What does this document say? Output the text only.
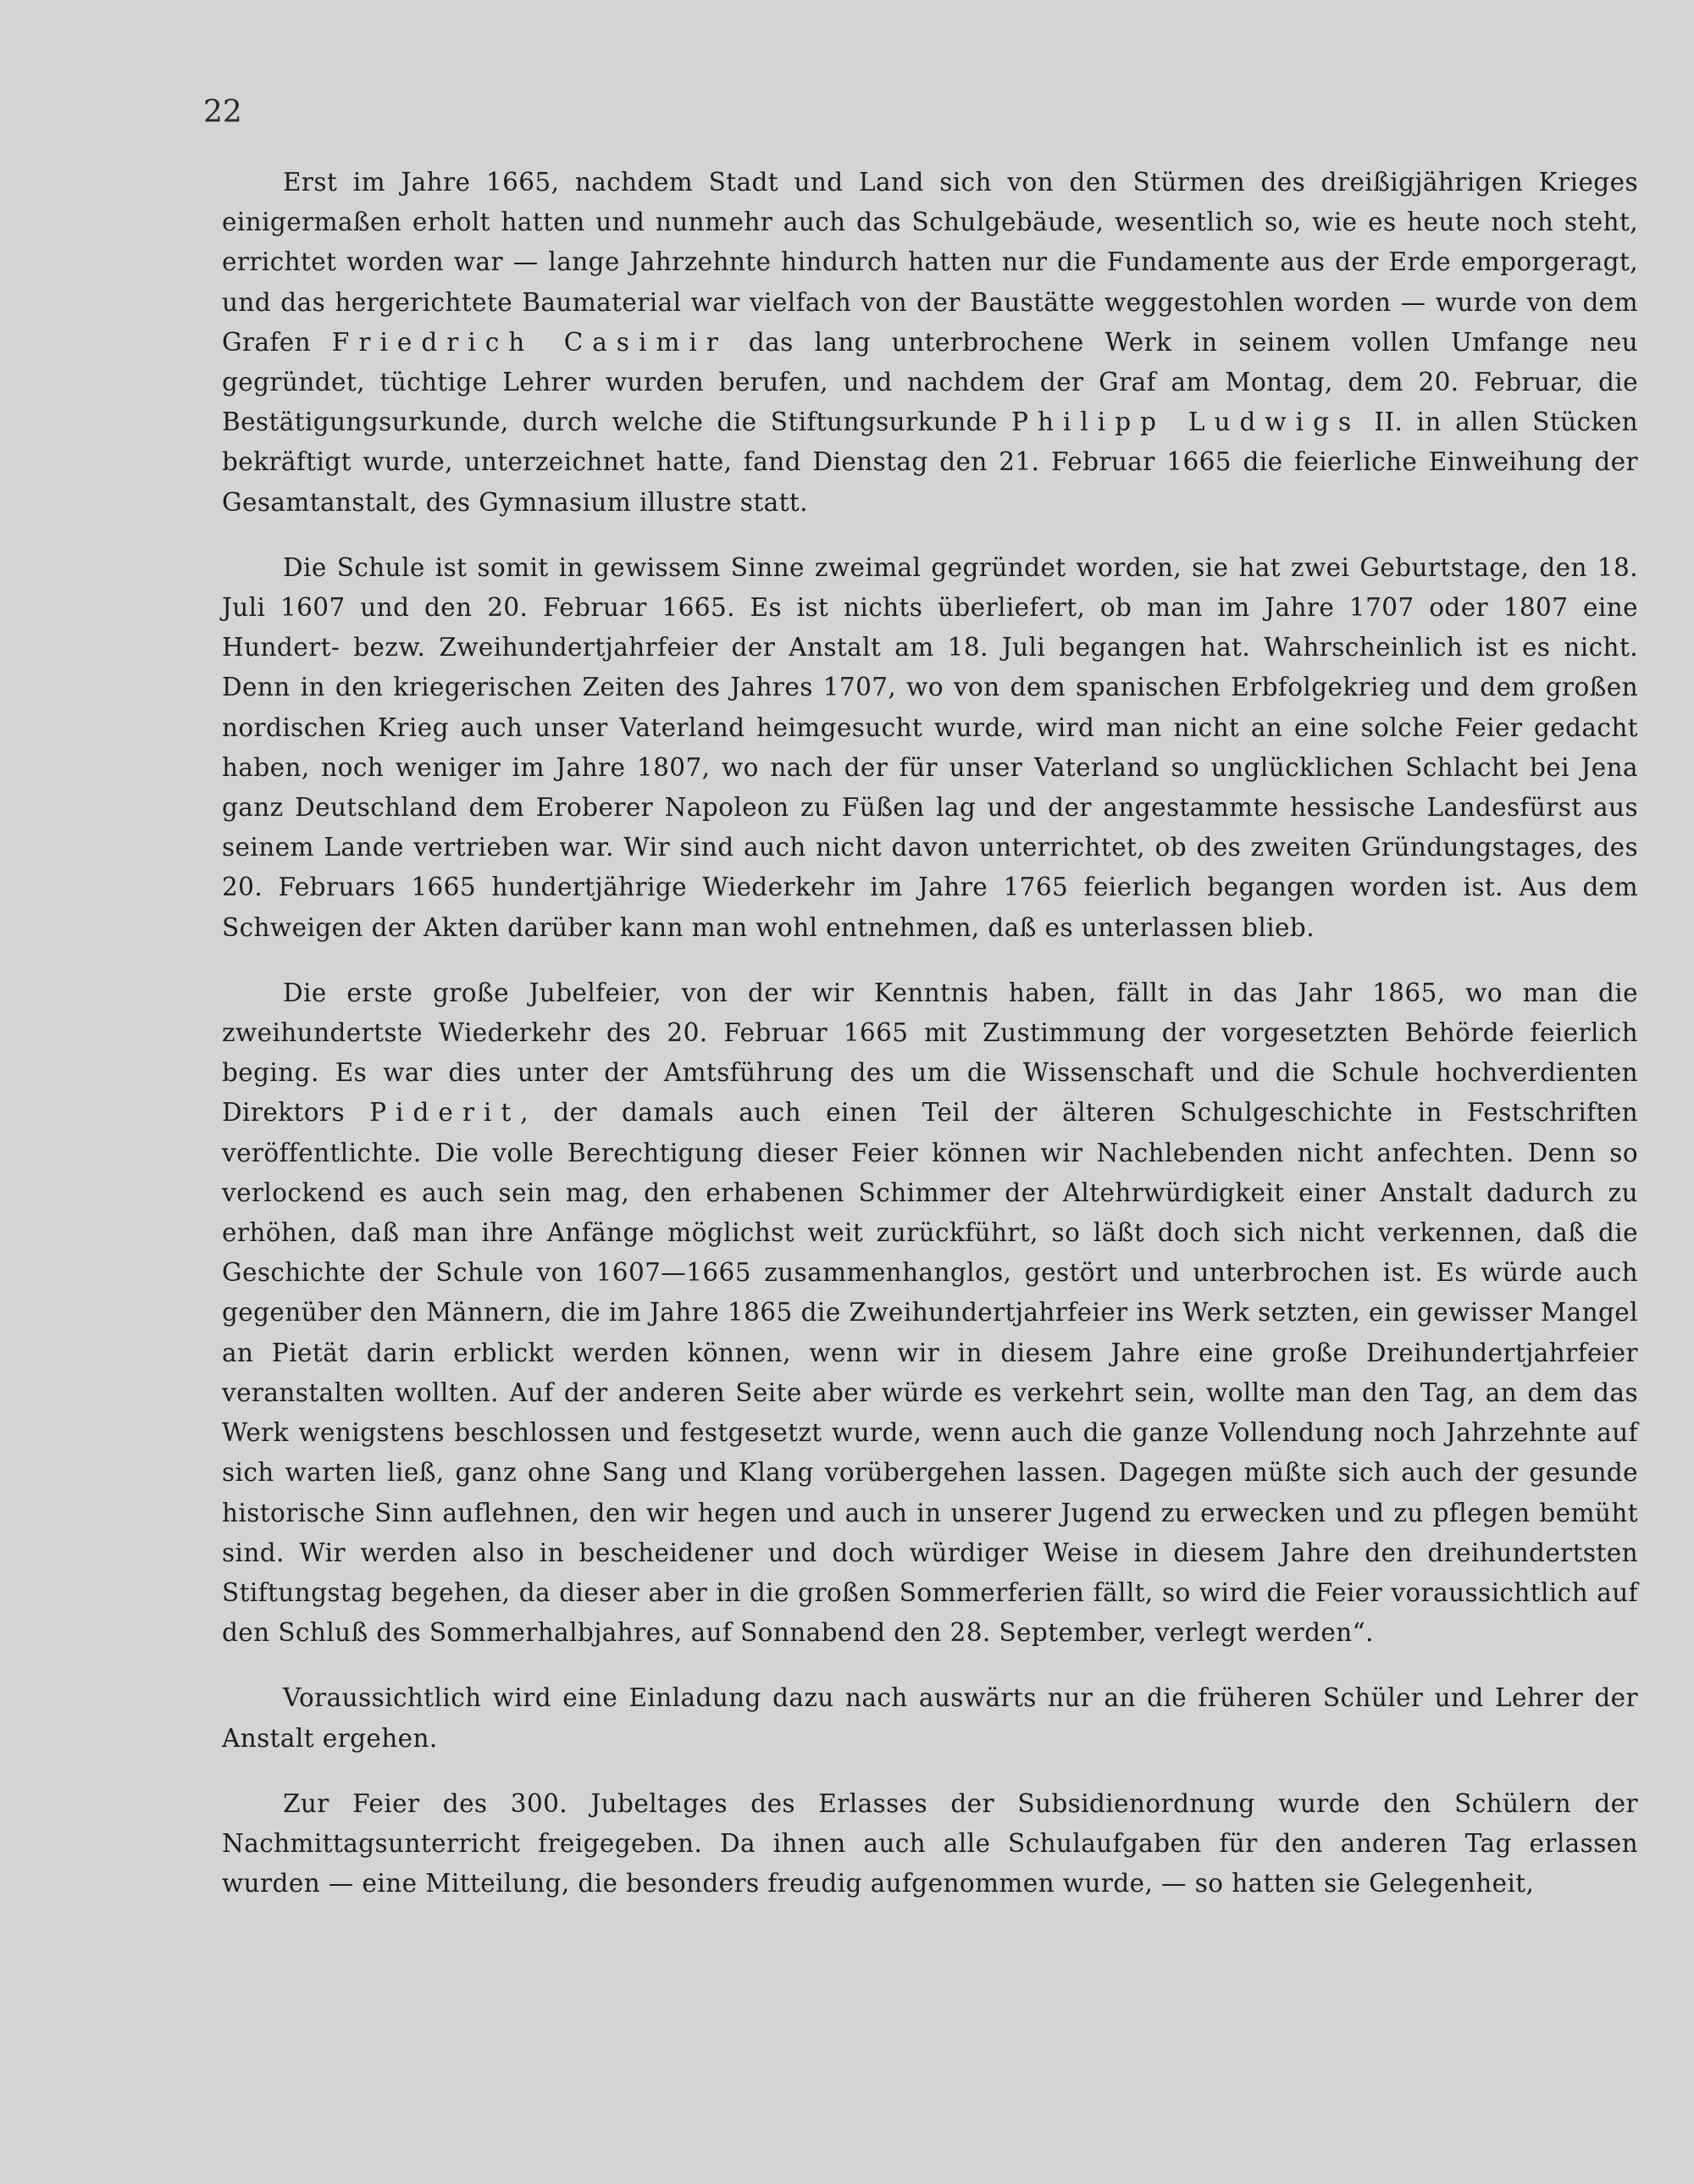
22

Erst im Jahre 1665, nachdem Stadt und Land sich von den Stürmen des dreißigjährigen Krieges einigermaßen erholt hatten und nunmehr auch das Schulgebäude, wesentlich so, wie es heute noch steht, errichtet worden war — lange Jahrzehnte hindurch hatten nur die Fundamente aus der Erde emporgeragt, und das hergerichtete Baumaterial war vielfach von der Baustätte weggestohlen worden — wurde von dem Grafen Friedrich Casimir das lang unterbrochene Werk in seinem vollen Umfange neu gegründet, tüchtige Lehrer wurden berufen, und nachdem der Graf am Montag, dem 20. Februar, die Bestätigungsurkunde, durch welche die Stiftungsurkunde Philipp Ludwigs II. in allen Stücken bekräftigt wurde, unterzeichnet hatte, fand Dienstag den 21. Februar 1665 die feierliche Einweihung der Gesamtanstalt, des Gymnasium illustre statt.

Die Schule ist somit in gewissem Sinne zweimal gegründet worden, sie hat zwei Geburtstage, den 18. Juli 1607 und den 20. Februar 1665. Es ist nichts überliefert, ob man im Jahre 1707 oder 1807 eine Hundert- bezw. Zweihundertjahrfeier der Anstalt am 18. Juli begangen hat. Wahrscheinlich ist es nicht. Denn in den kriegerischen Zeiten des Jahres 1707, wo von dem spanischen Erbfolgekrieg und dem großen nordischen Krieg auch unser Vaterland heimgesucht wurde, wird man nicht an eine solche Feier gedacht haben, noch weniger im Jahre 1807, wo nach der für unser Vaterland so unglücklichen Schlacht bei Jena ganz Deutschland dem Eroberer Napoleon zu Füßen lag und der angestammte hessische Landesfürst aus seinem Lande vertrieben war. Wir sind auch nicht davon unterrichtet, ob des zweiten Gründungstages, des 20. Februars 1665 hundertjährige Wiederkehr im Jahre 1765 feierlich begangen worden ist. Aus dem Schweigen der Akten darüber kann man wohl entnehmen, daß es unterlassen blieb.

Die erste große Jubelfeier, von der wir Kenntnis haben, fällt in das Jahr 1865, wo man die zweihundertste Wiederkehr des 20. Februar 1665 mit Zustimmung der vorgesetzten Behörde feierlich beging. Es war dies unter der Amtsführung des um die Wissenschaft und die Schule hochverdienten Direktors Piderit, der damals auch einen Teil der älteren Schulgeschichte in Festschriften veröffentlichte. Die volle Berechtigung dieser Feier können wir Nachlebenden nicht anfechten. Denn so verlockend es auch sein mag, den erhabenen Schimmer der Altehrwürdigkeit einer Anstalt dadurch zu erhöhen, daß man ihre Anfänge möglichst weit zurückführt, so läßt doch sich nicht verkennen, daß die Geschichte der Schule von 1607—1665 zusammenhanglos, gestört und unterbrochen ist. Es würde auch gegenüber den Männern, die im Jahre 1865 die Zweihundertjahrfeier ins Werk setzten, ein gewisser Mangel an Pietät darin erblickt werden können, wenn wir in diesem Jahre eine große Dreihundertjahrfeier veranstalten wollten. Auf der anderen Seite aber würde es verkehrt sein, wollte man den Tag, an dem das Werk wenigstens beschlossen und festgesetzt wurde, wenn auch die ganze Vollendung noch Jahrzehnte auf sich warten ließ, ganz ohne Sang und Klang vorübergehen lassen. Dagegen müßte sich auch der gesunde historische Sinn auflehnen, den wir hegen und auch in unserer Jugend zu erwecken und zu pflegen bemüht sind. Wir werden also in bescheidener und doch würdiger Weise in diesem Jahre den dreihundertsten Stiftungstag begehen, da dieser aber in die großen Sommerferien fällt, so wird die Feier voraussichtlich auf den Schluß des Sommerhalbjahres, auf Sonnabend den 28. September, verlegt werden“.

Voraussichtlich wird eine Einladung dazu nach auswärts nur an die früheren Schüler und Lehrer der Anstalt ergehen.

Zur Feier des 300. Jubeltages des Erlasses der Subsidienordnung wurde den Schülern der Nachmittagsunterricht freigegeben. Da ihnen auch alle Schulaufgaben für den anderen Tag erlassen wurden — eine Mitteilung, die besonders freudig aufgenommen wurde, — so hatten sie Gelegenheit,
